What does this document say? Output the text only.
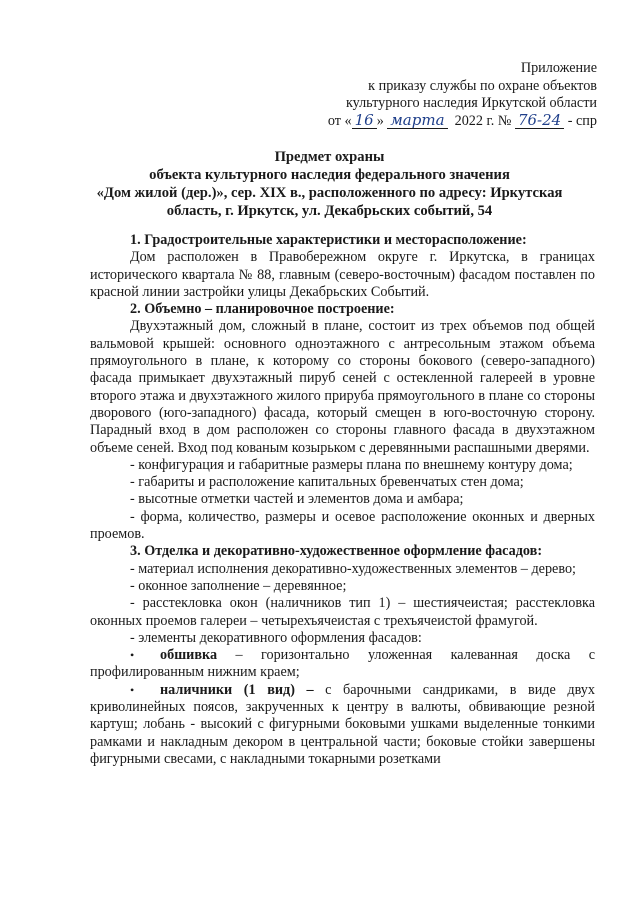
Приложение
к приказу службы по охране объектов
культурного наследия Иркутской области
от « 16 » марта 2022 г. № 76-24 - спр
Предмет охраны
объекта культурного наследия федерального значения
«Дом жилой (дер.)», сер. XIX в., расположенного по адресу: Иркутская
область, г. Иркутск, ул. Декабрьских событий, 54

1. Градостроительные характеристики и месторасположение:

Дом расположен в Правобережном округе г. Иркутска, в границах исторического квартала № 88, главным (северо-восточным) фасадом поставлен по красной линии застройки улицы Декабрьских Событий.

2. Объемно – планировочное построение:

Двухэтажный дом, сложный в плане, состоит из трех объемов под общей вальмовой крышей: основного одноэтажного с антресольным этажом объема прямоугольного в плане, к которому со стороны бокового (северо-западного) фасада примыкает двухэтажный пируб сеней с остекленной галереей в уровне второго этажа и двухэтажного жилого прируба прямоугольного в плане со стороны дворового (юго-западного) фасада, который смещен в юго-восточную сторону. Парадный вход в дом расположен со стороны главного фасада в двухэтажном объеме сеней. Вход под кованым козырьком с деревянными распашными дверями.

- конфигурация и габаритные размеры плана по внешнему контуру дома;

- габариты и расположение капитальных бревенчатых стен дома;

- высотные отметки частей и элементов дома и амбара;

- форма, количество, размеры и осевое расположение оконных и дверных проемов.

3. Отделка и декоративно-художественное оформление фасадов:

- материал исполнения декоративно-художественных элементов – дерево;

- оконное заполнение – деревянное;

- расстекловка окон (наличников тип 1) – шестиячеистая; расстекловка оконных проемов галереи – четырехъячеистая с трехъячеистой фрамугой.

- элементы декоративного оформления фасадов:

• обшивка – горизонтально уложенная калеванная доска с профилированным нижним краем;

• наличники (1 вид) – с барочными сандриками, в виде двух криволинейных поясов, закрученных к центру в валюты, обвивающие резной картуш; лобань - высокий с фигурными боковыми ушками выделенные тонкими рамками и накладным декором в центральной части; боковые стойки завершены фигурными свесами, с накладными токарными розетками
